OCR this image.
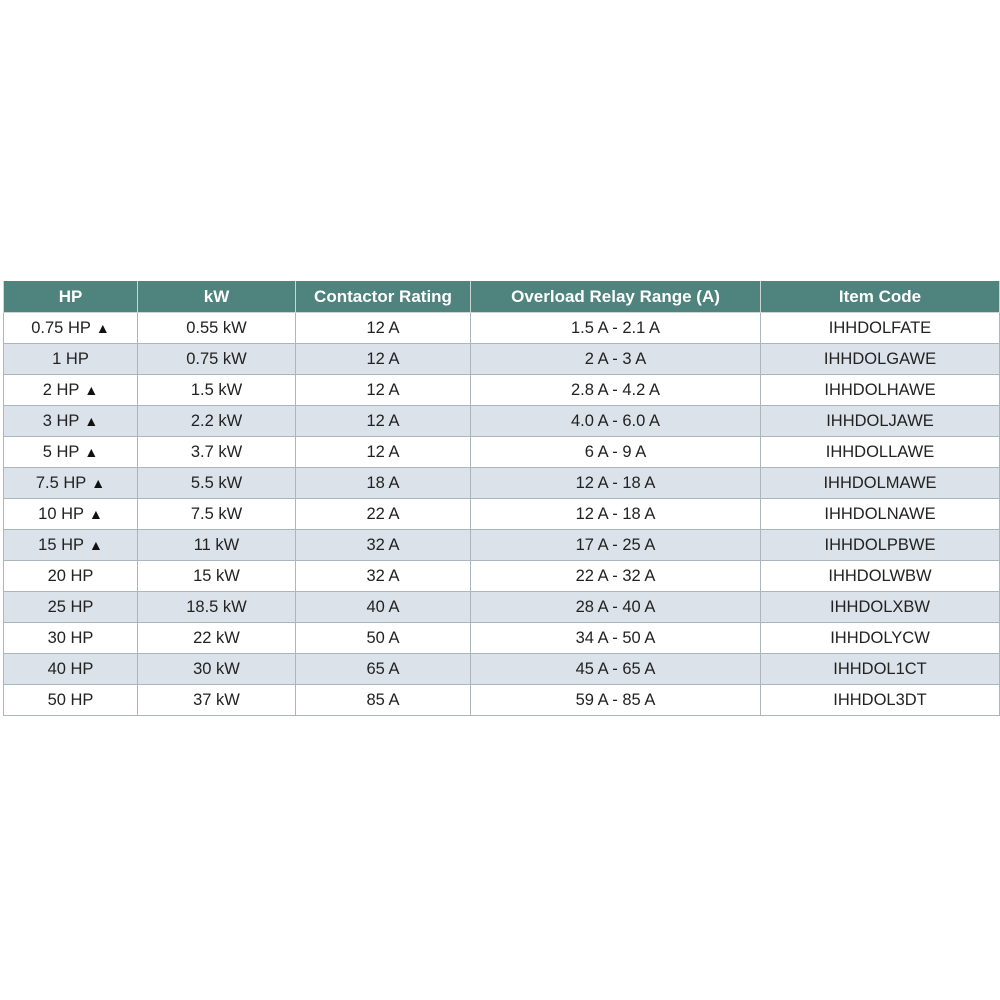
HP	kW	Contactor Rating	Overload Relay Range (A)	Item Code
0.75 HP ▲	0.55 kW	12 A	1.5 A - 2.1 A	IHHDOLFATE
1 HP	0.75 kW	12 A	2 A - 3 A	IHHDOLGAWE
2 HP ▲	1.5 kW	12 A	2.8 A - 4.2 A	IHHDOLHAWE
3 HP ▲	2.2 kW	12 A	4.0 A - 6.0 A	IHHDOLJAWE
5 HP ▲	3.7 kW	12 A	6 A - 9 A	IHHDOLLAWE
7.5 HP ▲	5.5 kW	18 A	12 A - 18 A	IHHDOLMAWE
10 HP ▲	7.5 kW	22 A	12 A - 18 A	IHHDOLNAWE
15 HP ▲	11 kW	32 A	17 A - 25 A	IHHDOLPBWE
20 HP	15 kW	32 A	22 A - 32 A	IHHDOLWBW
25 HP	18.5 kW	40 A	28 A - 40 A	IHHDOLXBW
30 HP	22 kW	50 A	34 A - 50 A	IHHDOLYCW
40 HP	30 kW	65 A	45 A - 65 A	IHHDOL1CT
50 HP	37 kW	85 A	59 A - 85 A	IHHDOL3DT
